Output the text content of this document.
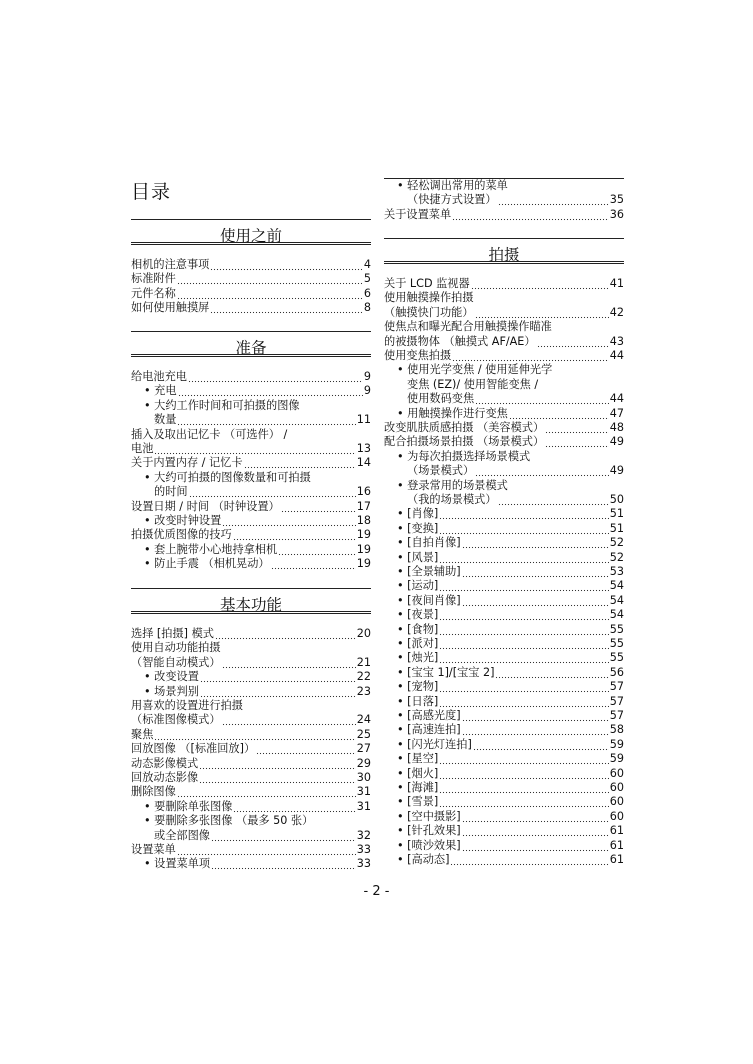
目录
使用之前
相机的注意事项	4
标准附件	5
元件名称	6
如何使用触摸屏	8
准备
给电池充电	9
• 充电	9
• 大约工作时间和可拍摄的图像
数量	11
插入及取出记忆卡 （可选件） /
电池	13
关于内置内存 / 记忆卡	14
• 大约可拍摄的图像数量和可拍摄
的时间	16
设置日期 / 时间 （时钟设置）	17
• 改变时钟设置	18
拍摄优质图像的技巧	19
• 套上腕带小心地持拿相机	19
• 防止手震 （相机晃动）	19
基本功能
选择 [拍摄] 模式	20
使用自动功能拍摄
（智能自动模式）	21
• 改变设置	22
• 场景判别	23
用喜欢的设置进行拍摄
（标准图像模式）	24
聚焦	25
回放图像 （[标准回放]）	27
动态影像模式	29
回放动态影像	30
删除图像	31
• 要删除单张图像	31
• 要删除多张图像 （最多 50 张）
或全部图像	32
设置菜单	33
• 设置菜单项	33
• 轻松调出常用的菜单
（快捷方式设置）	35
关于设置菜单	36
拍摄
关于 LCD 监视器	41
使用触摸操作拍摄
（触摸快门功能）	42
使焦点和曝光配合用触摸操作瞄准
的被摄物体 （触摸式 AF/AE）	43
使用变焦拍摄	44
• 使用光学变焦 / 使用延伸光学
变焦 (EZ)/ 使用智能变焦 /
使用数码变焦	44
• 用触摸操作进行变焦	47
改变肌肤质感拍摄 （美容模式）	48
配合拍摄场景拍摄 （场景模式）	49
• 为每次拍摄选择场景模式
（场景模式）	49
• 登录常用的场景模式
（我的场景模式）	50
• [肖像]	51
• [变换]	51
• [自拍肖像]	52
• [风景]	52
• [全景辅助]	53
• [运动]	54
• [夜间肖像]	54
• [夜景]	54
• [食物]	55
• [派对]	55
• [烛光]	55
• [宝宝 1]/[宝宝 2]	56
• [宠物]	57
• [日落]	57
• [高感光度]	57
• [高速连拍]	58
• [闪光灯连拍]	59
• [星空]	59
• [烟火]	60
• [海滩]	60
• [雪景]	60
• [空中摄影]	60
• [针孔效果]	61
• [喷沙效果]	61
• [高动态]	61
- 2 -
